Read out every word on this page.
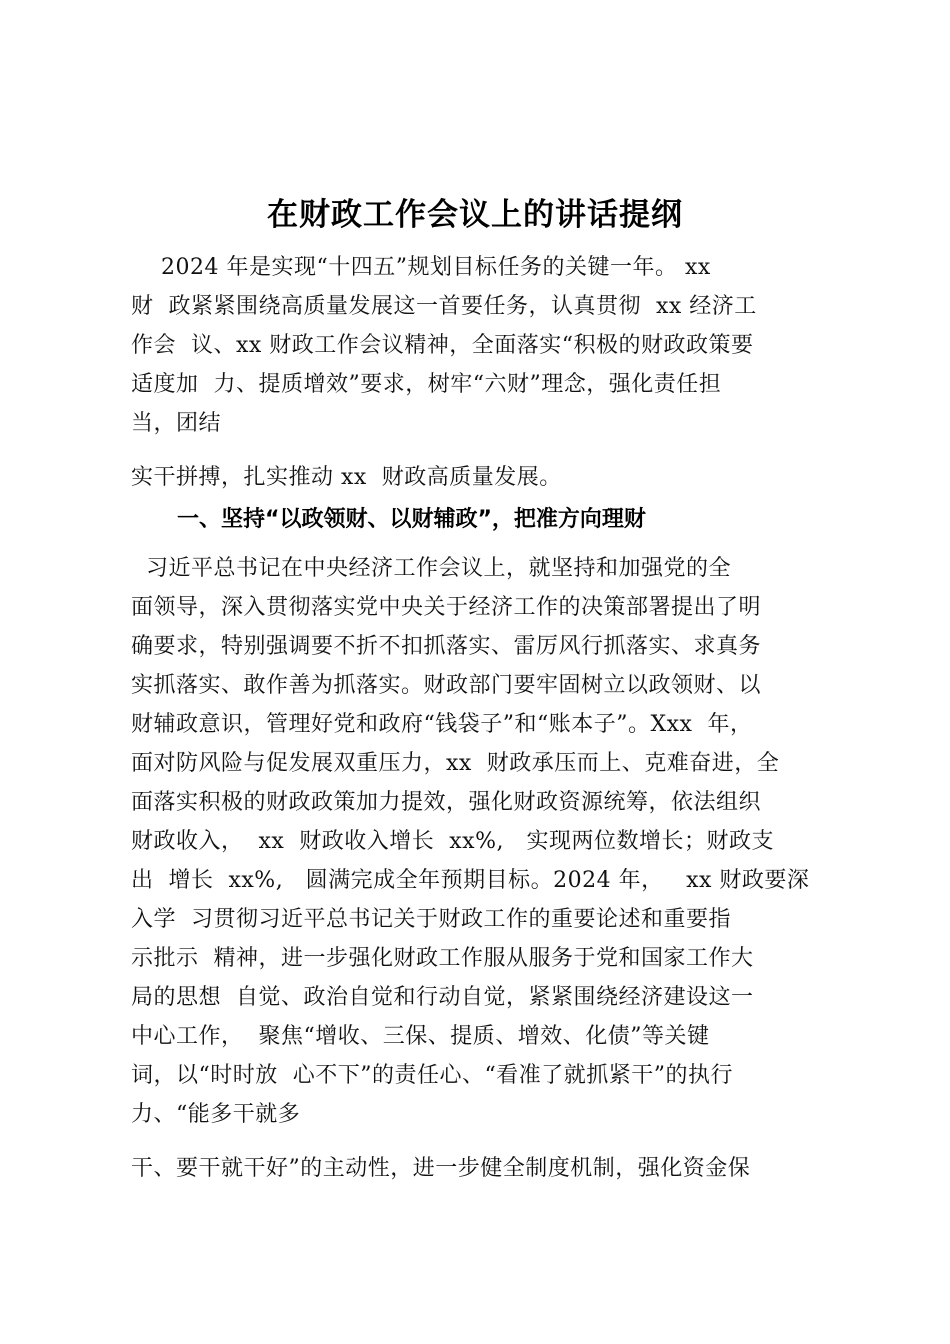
在财政工作会议上的讲话提纲
2024 年是实现“十四五”规划目标任务的关键一年。 xx
财  政紧紧围绕高质量发展这一首要任务，认真贯彻  xx 经济工
作会  议、xx 财政工作会议精神，全面落实“积极的财政政策要
适度加  力、提质增效”要求，树牢“六财”理念，强化责任担
当，团结
实干拼搏，扎实推动 xx  财政高质量发展。
一、坚持“以政领财、以财辅政”，把准方向理财
习近平总书记在中央经济工作会议上，就坚持和加强党的全
面领导，深入贯彻落实党中央关于经济工作的决策部署提出了明
确要求，特别强调要不折不扣抓落实、雷厉风行抓落实、求真务
实抓落实、敢作善为抓落实。财政部门要牢固树立以政领财、以
财辅政意识，管理好党和政府“钱袋子”和“账本子”。Xxx  年，
面对防风险与促发展双重压力，xx  财政承压而上、克难奋进，全
面落实积极的财政政策加力提效，强化财政资源统筹，依法组织
财政收入，  xx  财政收入增长  xx%,   实现两位数增长；财政支
出  增长  xx%,   圆满完成全年预期目标。2024 年，   xx 财政要深
入学  习贯彻习近平总书记关于财政工作的重要论述和重要指
示批示  精神，进一步强化财政工作服从服务于党和国家工作大
局的思想  自觉、政治自觉和行动自觉，紧紧围绕经济建设这一
中心工作，  聚焦“增收、三保、提质、增效、化债”等关键
词，以“时时放  心不下”的责任心、“看准了就抓紧干”的执行
力、“能多干就多
干、要干就干好”的主动性，进一步健全制度机制，强化资金保
